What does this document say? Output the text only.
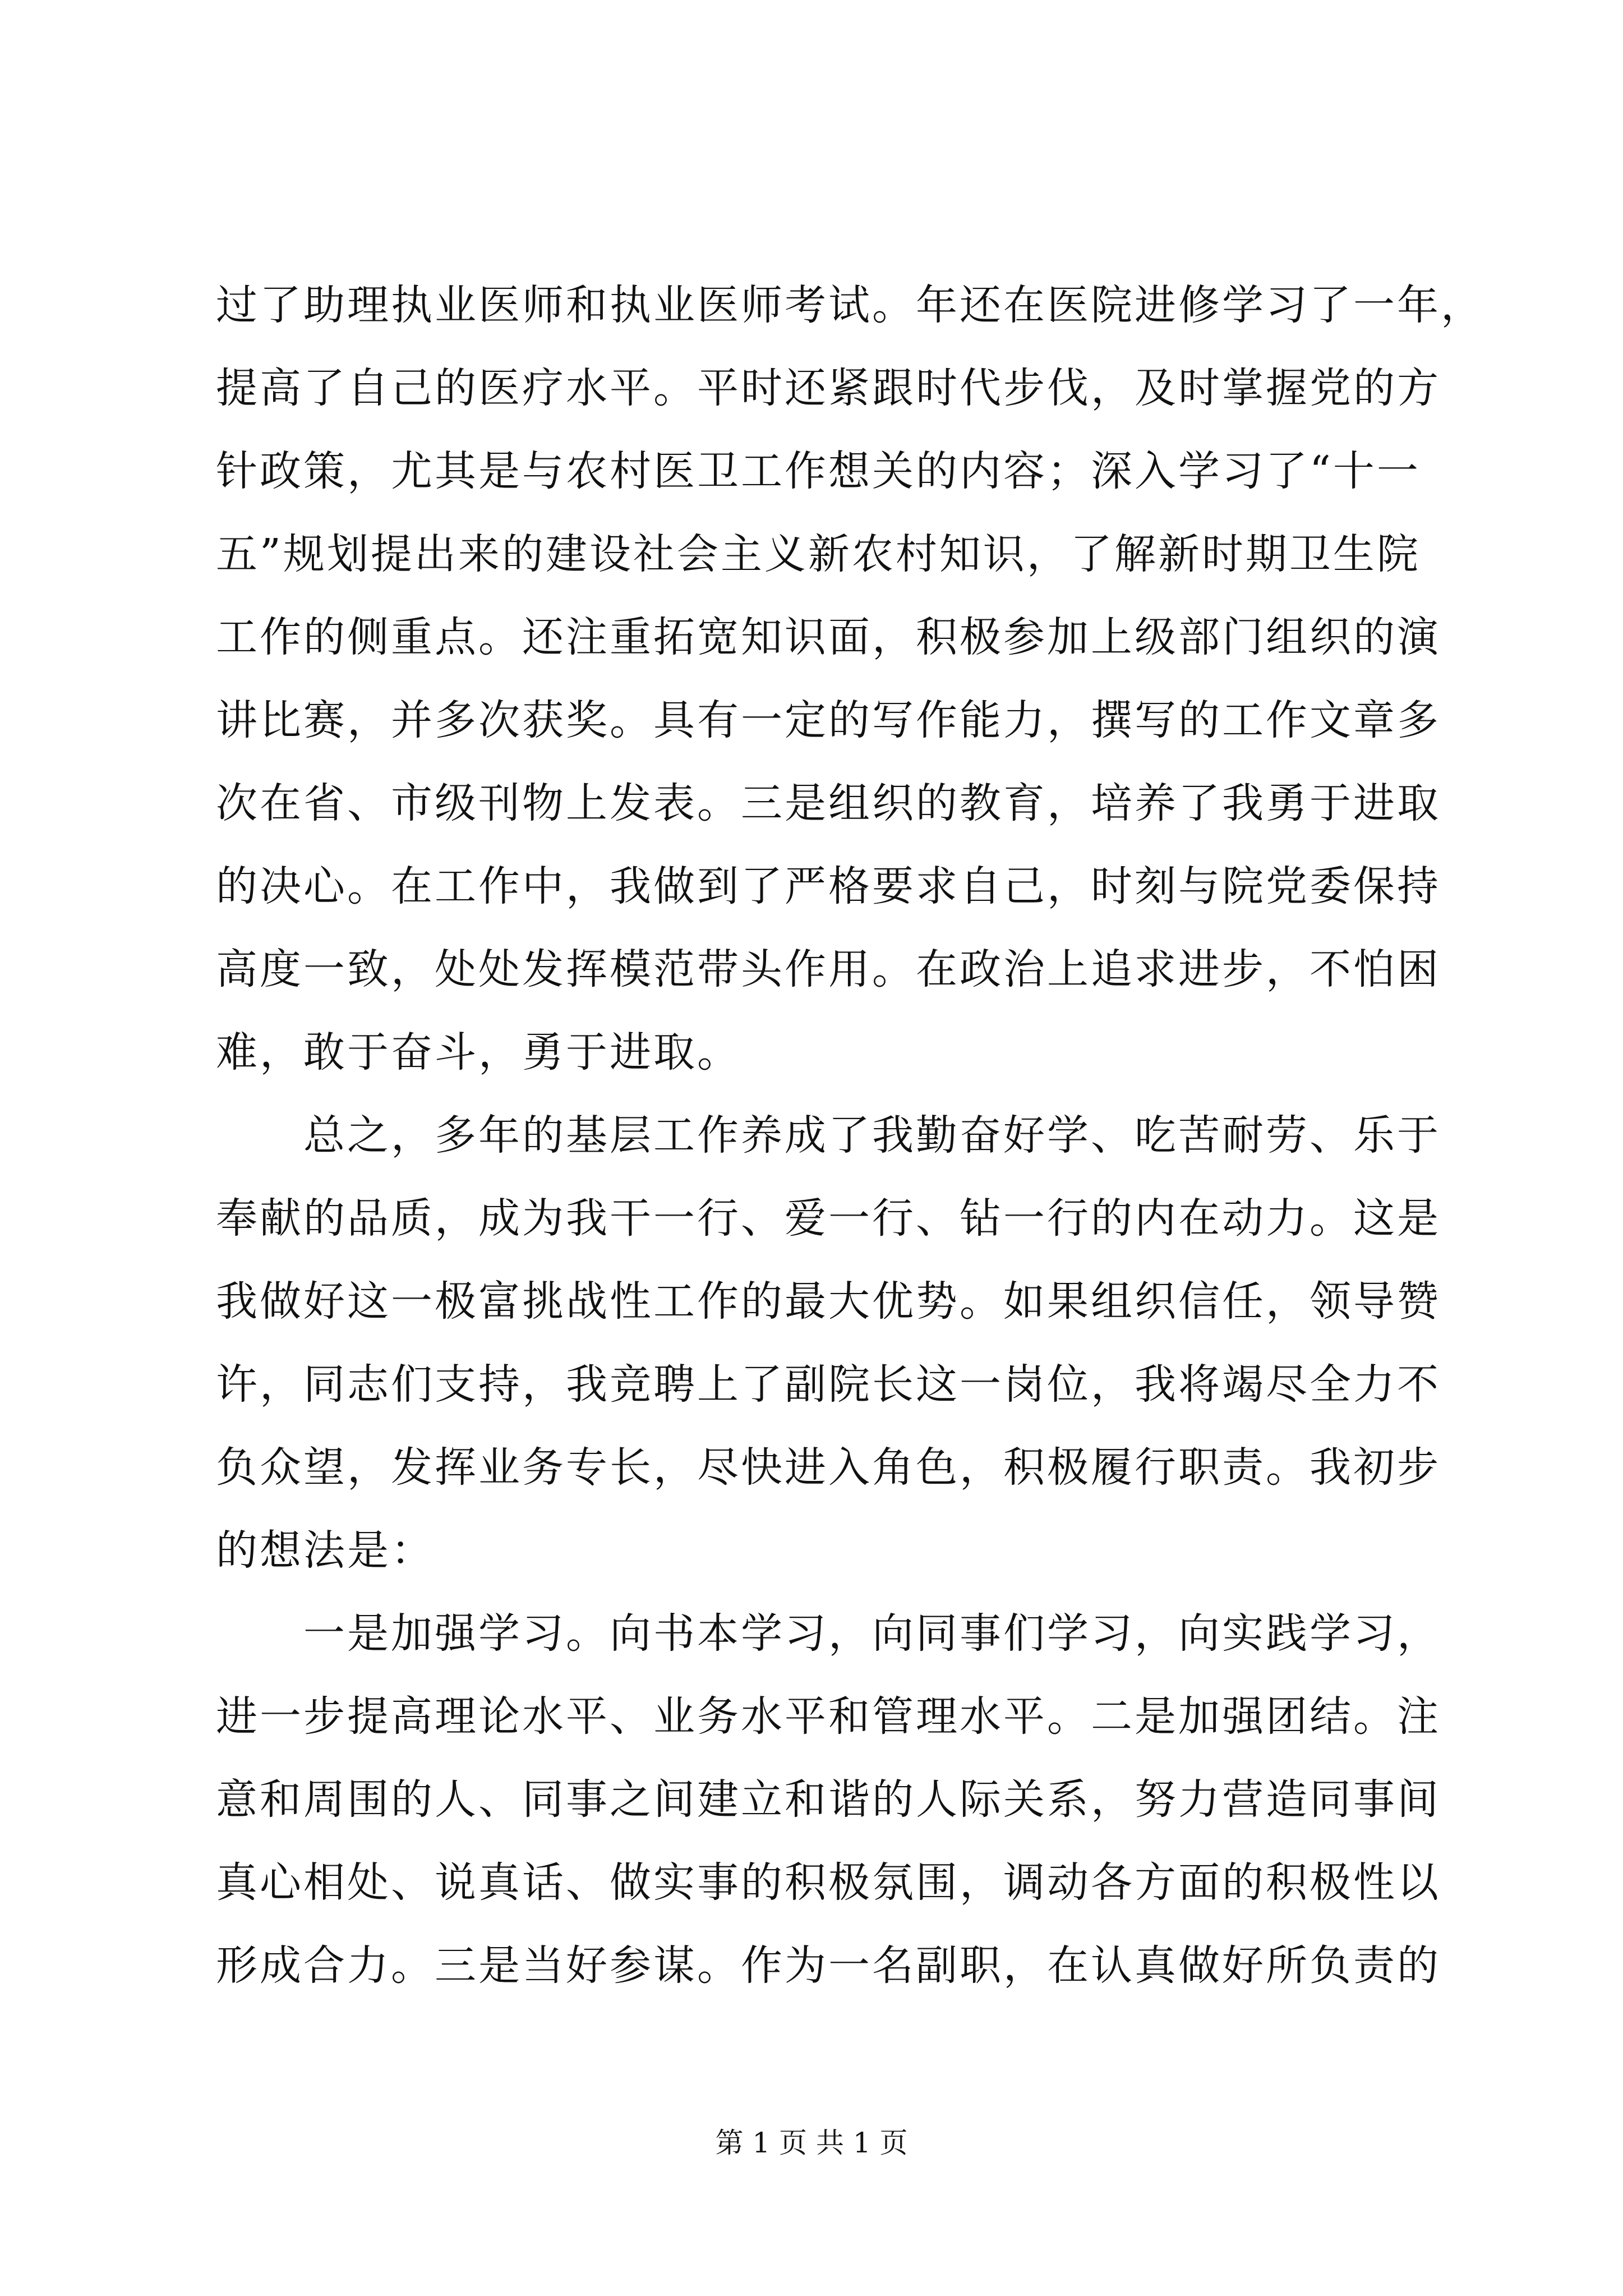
过了助理执业医师和执业医师考试。年还在医院进修学习了一年，
提高了自己的医疗水平。平时还紧跟时代步伐，及时掌握党的方
针政策，尤其是与农村医卫工作想关的内容；深入学习了“十一
五”规划提出来的建设社会主义新农村知识，了解新时期卫生院
工作的侧重点。还注重拓宽知识面，积极参加上级部门组织的演
讲比赛，并多次获奖。具有一定的写作能力，撰写的工作文章多
次在省、市级刊物上发表。三是组织的教育，培养了我勇于进取
的决心。在工作中，我做到了严格要求自己，时刻与院党委保持
高度一致，处处发挥模范带头作用。在政治上追求进步，不怕困
难，敢于奋斗，勇于进取。
　　总之，多年的基层工作养成了我勤奋好学、吃苦耐劳、乐于
奉献的品质，成为我干一行、爱一行、钻一行的内在动力。这是
我做好这一极富挑战性工作的最大优势。如果组织信任，领导赞
许，同志们支持，我竞聘上了副院长这一岗位，我将竭尽全力不
负众望，发挥业务专长，尽快进入角色，积极履行职责。我初步
的想法是：
　　一是加强学习。向书本学习，向同事们学习，向实践学习，
进一步提高理论水平、业务水平和管理水平。二是加强团结。注
意和周围的人、同事之间建立和谐的人际关系，努力营造同事间
真心相处、说真话、做实事的积极氛围，调动各方面的积极性以
形成合力。三是当好参谋。作为一名副职，在认真做好所负责的
第 1 页 共 1 页
